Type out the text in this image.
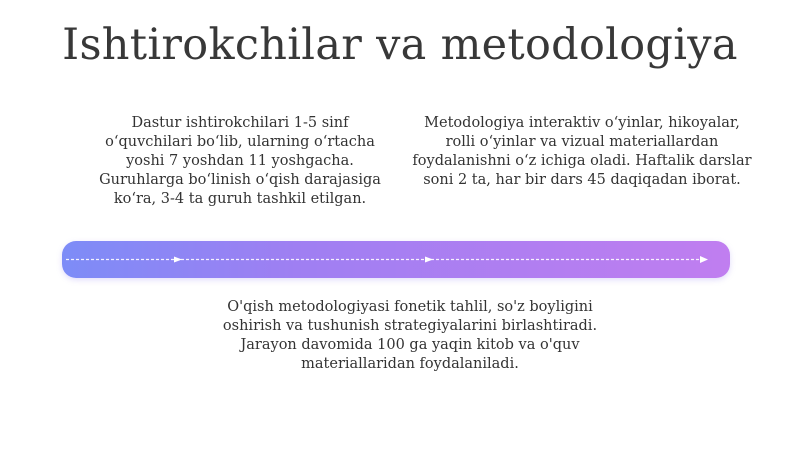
Ishtirokchilar va metodologiya
Dastur ishtirokchilari 1-5 sinf oʻquvchilari boʻlib, ularning oʻrtacha yoshi 7 yoshdan 11 yoshgacha. Guruhlarga boʻlinish oʻqish darajasiga koʻra, 3-4 ta guruh tashkil etilgan.
Metodologiya interaktiv oʻyinlar, hikoyalar, rolli oʻyinlar va vizual materiallardan foydalanishni oʻz ichiga oladi. Haftalik darslar soni 2 ta, har bir dars 45 daqiqadan iborat.
O'qish metodologiyasi fonetik tahlil, so'z boyligini oshirish va tushunish strategiyalarini birlashtiradi. Jarayon davomida 100 ga yaqin kitob va o'quv materiallaridan foydalaniladi.
